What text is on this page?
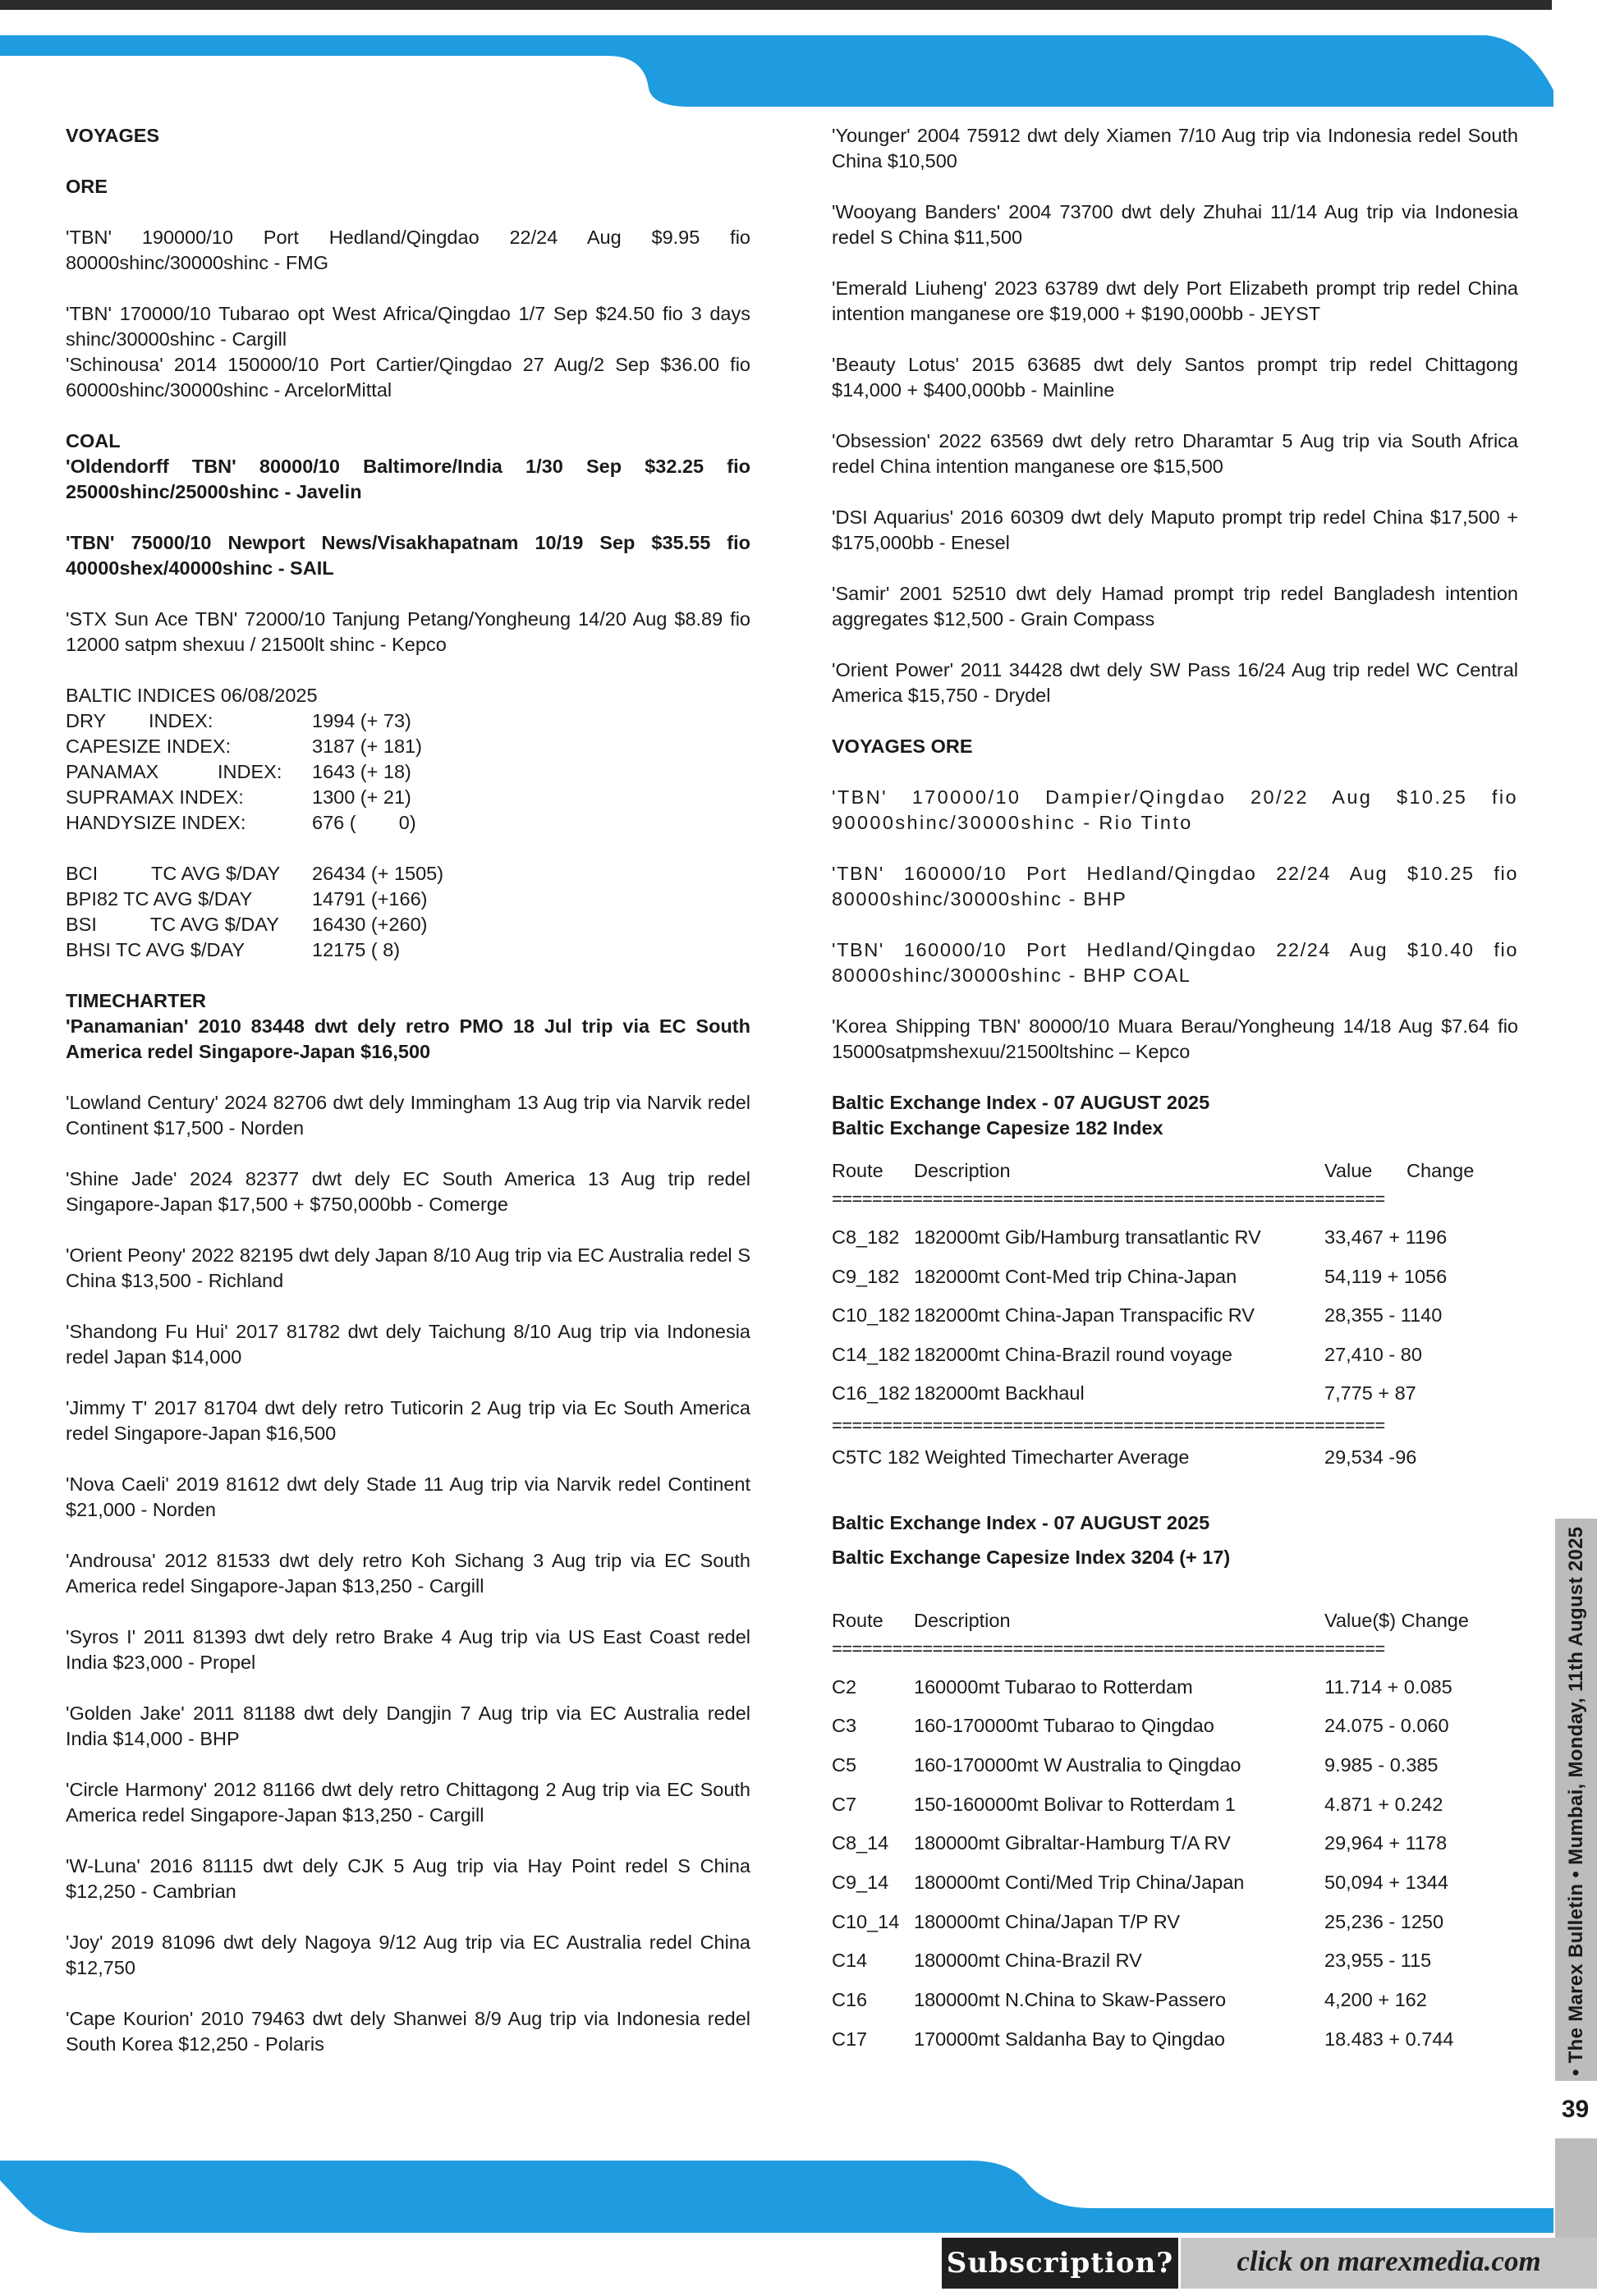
VOYAGES
ORE
'TBN' 190000/10 Port Hedland/Qingdao 22/24 Aug $9.95 fio 80000shinc/30000shinc - FMG
'TBN' 170000/10 Tubarao opt West Africa/Qingdao 1/7 Sep $24.50 fio 3 days shinc/30000shinc - Cargill
'Schinousa' 2014 150000/10 Port Cartier/Qingdao 27 Aug/2 Sep $36.00 fio 60000shinc/30000shinc - ArcelorMittal
COAL
'Oldendorff TBN' 80000/10 Baltimore/India 1/30 Sep $32.25 fio 25000shinc/25000shinc - Javelin
'TBN' 75000/10 Newport News/Visakhapatnam 10/19 Sep $35.55 fio 40000shex/40000shinc - SAIL
'STX Sun Ace TBN' 72000/10 Tanjung Petang/Yongheung 14/20 Aug $8.89 fio 12000 satpm shexuu / 21500lt shinc - Kepco
BALTIC INDICES 06/08/2025
DRY        INDEX:	1994 (+ 73)
CAPESIZE INDEX:	3187 (+ 181)
PANAMAX           INDEX:	1643 (+ 18)
SUPRAMAX INDEX:	1300 (+ 21)
HANDYSIZE INDEX:	676 (        0)
BCI          TC AVG $/DAY	26434 (+ 1505)
BPI82 TC AVG $/DAY	14791 (+166)
BSI          TC AVG $/DAY	16430 (+260)
BHSI TC AVG $/DAY	12175 ( 8)
TIMECHARTER
'Panamanian' 2010 83448 dwt dely retro PMO 18 Jul trip via EC South America redel Singapore-Japan $16,500
'Lowland Century' 2024 82706 dwt dely Immingham 13 Aug trip via Narvik redel Continent $17,500 - Norden
'Shine Jade' 2024 82377 dwt dely EC South America 13 Aug trip redel Singapore-Japan $17,500 + $750,000bb - Comerge
'Orient Peony' 2022 82195 dwt dely Japan 8/10 Aug trip via EC Australia redel S China $13,500 - Richland
'Shandong Fu Hui' 2017 81782 dwt dely Taichung 8/10 Aug trip via Indonesia redel Japan $14,000
'Jimmy T' 2017 81704 dwt dely retro Tuticorin 2 Aug trip via Ec South America redel Singapore-Japan $16,500
'Nova Caeli' 2019 81612 dwt dely Stade 11 Aug trip via Narvik redel Continent $21,000 - Norden
'Androusa' 2012 81533 dwt dely retro Koh Sichang 3 Aug trip via EC South America redel Singapore-Japan $13,250 - Cargill
'Syros I' 2011 81393 dwt dely retro Brake 4 Aug trip via US East Coast redel India $23,000 - Propel
'Golden Jake' 2011 81188 dwt dely Dangjin 7 Aug trip via EC Australia redel India $14,000 - BHP
'Circle Harmony' 2012 81166 dwt dely retro Chittagong 2 Aug trip via EC South America redel Singapore-Japan $13,250 - Cargill
'W-Luna' 2016 81115 dwt dely CJK 5 Aug trip via Hay Point redel S China $12,250 - Cambrian
'Joy' 2019 81096 dwt dely Nagoya 9/12 Aug trip via EC Australia redel China $12,750
'Cape Kourion' 2010 79463 dwt dely Shanwei 8/9 Aug trip via Indonesia redel South Korea $12,250 - Polaris
'Younger' 2004 75912 dwt dely Xiamen 7/10 Aug trip via Indonesia redel South China $10,500
'Wooyang Banders' 2004 73700 dwt dely Zhuhai 11/14 Aug trip via Indonesia redel S China $11,500
'Emerald Liuheng' 2023 63789 dwt dely Port Elizabeth prompt trip redel China intention manganese ore $19,000 + $190,000bb - JEYST
'Beauty Lotus' 2015 63685 dwt dely Santos prompt trip redel Chittagong $14,000 + $400,000bb - Mainline
'Obsession' 2022 63569 dwt dely retro Dharamtar 5 Aug trip via South Africa redel China intention manganese ore $15,500
'DSI Aquarius' 2016 60309 dwt dely Maputo prompt trip redel China $17,500 + $175,000bb - Enesel
'Samir' 2001 52510 dwt dely Hamad prompt trip redel Bangladesh intention aggregates $12,500 - Grain Compass
'Orient Power' 2011 34428 dwt dely SW Pass 16/24 Aug trip redel WC Central America $15,750 - Drydel
VOYAGES ORE
'TBN' 170000/10 Dampier/Qingdao 20/22 Aug $10.25 fio 90000shinc/30000shinc - Rio Tinto
'TBN' 160000/10 Port Hedland/Qingdao 22/24 Aug $10.25 fio 80000shinc/30000shinc - BHP
'TBN' 160000/10 Port Hedland/Qingdao 22/24 Aug $10.40 fio 80000shinc/30000shinc - BHP COAL
'Korea Shipping TBN' 80000/10 Muara Berau/Yongheung 14/18 Aug $7.64 fio 15000satpmshexuu/21500ltshinc – Kepco
Baltic Exchange Index - 07 AUGUST 2025
Baltic Exchange Capesize 182 Index
Route	Description	Value	Change
=======================================================
C8_182 182000mt Gib/Hamburg transatlantic RV	33,467 + 1196
C9_182 182000mt Cont-Med trip China-Japan	54,119 + 1056
C10_182 182000mt China-Japan Transpacific RV	28,355 - 1140
C14_182 182000mt China-Brazil round voyage	27,410 - 80
C16_182 182000mt Backhaul	7,775 + 87
=======================================================
C5TC 182 Weighted Timecharter Average	29,534 -96
Baltic Exchange Index - 07 AUGUST 2025
Baltic Exchange Capesize Index 3204 (+ 17)
Route	Description	Value($) Change
=======================================================
C2	160000mt Tubarao to Rotterdam	11.714 + 0.085
C3	160-170000mt Tubarao to Qingdao	24.075 - 0.060
C5	160-170000mt W Australia to Qingdao	9.985 - 0.385
C7	150-160000mt Bolivar to Rotterdam 1	4.871 + 0.242
C8_14	180000mt Gibraltar-Hamburg T/A RV	29,964 + 1178
C9_14	180000mt Conti/Med Trip China/Japan	50,094 + 1344
C10_14 180000mt China/Japan T/P RV	25,236 - 1250
C14	180000mt China-Brazil RV	23,955 - 115
C16	180000mt N.China to Skaw-Passero	4,200 + 162
C17	170000mt Saldanha Bay to Qingdao	18.483 + 0.744	• The Marex Bulletin • Mumbai, Monday, 11th August 2025
39
Subscription?	click on marexmedia.com
